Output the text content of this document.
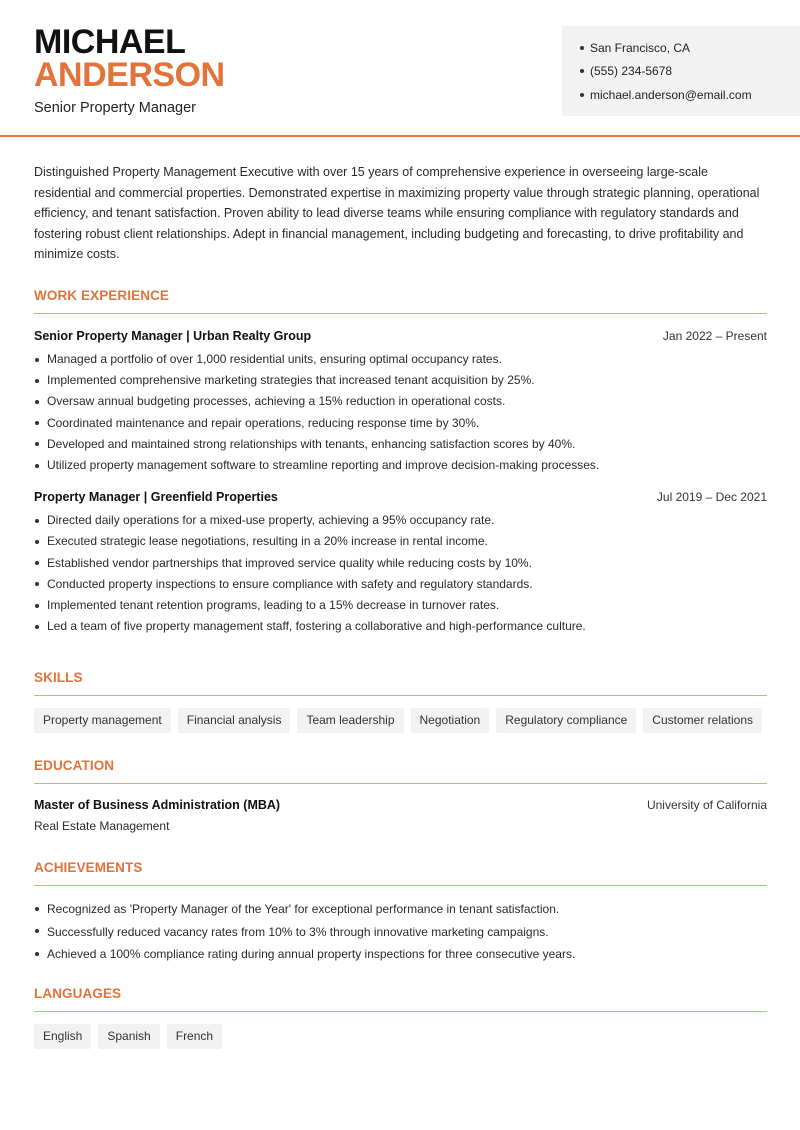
MICHAEL
ANDERSON
Senior Property Manager
San Francisco, CA
(555) 234-5678
michael.anderson@email.com

Distinguished Property Management Executive with over 15 years of comprehensive experience in overseeing large-scale residential and commercial properties. Demonstrated expertise in maximizing property value through strategic planning, operational efficiency, and tenant satisfaction. Proven ability to lead diverse teams while ensuring compliance with regulatory standards and fostering robust client relationships. Adept in financial management, including budgeting and forecasting, to drive profitability and minimize costs.

WORK EXPERIENCE
Senior Property Manager | Urban Realty Group	Jan 2022 – Present
Managed a portfolio of over 1,000 residential units, ensuring optimal occupancy rates.
Implemented comprehensive marketing strategies that increased tenant acquisition by 25%.
Oversaw annual budgeting processes, achieving a 15% reduction in operational costs.
Coordinated maintenance and repair operations, reducing response time by 30%.
Developed and maintained strong relationships with tenants, enhancing satisfaction scores by 40%.
Utilized property management software to streamline reporting and improve decision-making processes.
Property Manager | Greenfield Properties	Jul 2019 – Dec 2021
Directed daily operations for a mixed-use property, achieving a 95% occupancy rate.
Executed strategic lease negotiations, resulting in a 20% increase in rental income.
Established vendor partnerships that improved service quality while reducing costs by 10%.
Conducted property inspections to ensure compliance with safety and regulatory standards.
Implemented tenant retention programs, leading to a 15% decrease in turnover rates.
Led a team of five property management staff, fostering a collaborative and high-performance culture.
SKILLS
Property management	Financial analysis	Team leadership	Negotiation	Regulatory compliance	Customer relations
EDUCATION
Master of Business Administration (MBA)	University of California
Real Estate Management
ACHIEVEMENTS
Recognized as 'Property Manager of the Year' for exceptional performance in tenant satisfaction.
Successfully reduced vacancy rates from 10% to 3% through innovative marketing campaigns.
Achieved a 100% compliance rating during annual property inspections for three consecutive years.
LANGUAGES
English	Spanish	French
